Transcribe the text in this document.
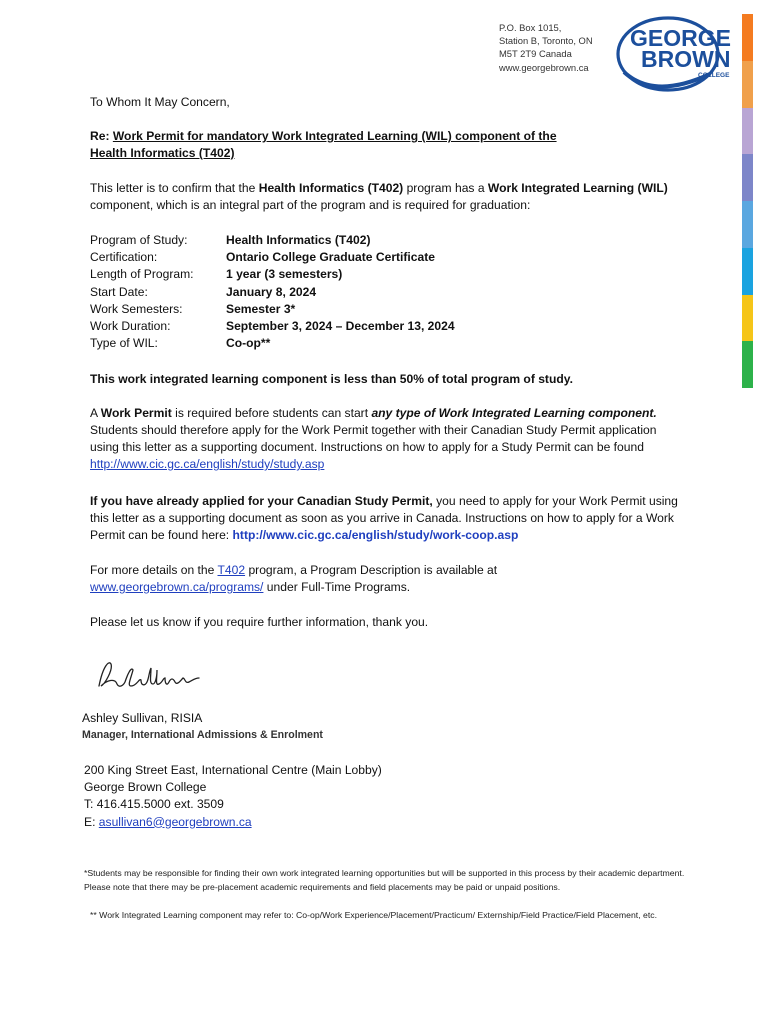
P.O. Box 1015,
Station B, Toronto, ON
M5T 2T9 Canada
www.georgebrown.ca
GEORGE
BROWN
COLLEGE
To Whom It May Concern,
Re: Work Permit for mandatory Work Integrated Learning (WIL) component of the
Health Informatics (T402)
This letter is to confirm that the Health Informatics (T402) program has a Work Integrated Learning (WIL) component, which is an integral part of the program and is required for graduation:
Program of Study:	Health Informatics (T402)
Certification:	Ontario College Graduate Certificate
Length of Program:	1 year (3 semesters)
Start Date:	January 8, 2024
Work Semesters:	Semester 3*
Work Duration:	September 3, 2024 – December 13, 2024
Type of WIL:	Co-op**
This work integrated learning component is less than 50% of total program of study.
A Work Permit is required before students can start any type of Work Integrated Learning component. Students should therefore apply for the Work Permit together with their Canadian Study Permit application using this letter as a supporting document. Instructions on how to apply for a Study Permit can be found http://www.cic.gc.ca/english/study/study.asp
If you have already applied for your Canadian Study Permit, you need to apply for your Work Permit using this letter as a supporting document as soon as you arrive in Canada. Instructions on how to apply for a Work Permit can be found here: http://www.cic.gc.ca/english/study/work-coop.asp
For more details on the T402 program, a Program Description is available at
www.georgebrown.ca/programs/ under Full-Time Programs.
Please let us know if you require further information, thank you.
Ashley Sullivan, RISIA
Manager, International Admissions & Enrolment
200 King Street East, International Centre (Main Lobby)
George Brown College
T: 416.415.5000 ext. 3509
E: asullivan6@georgebrown.ca
*Students may be responsible for finding their own work integrated learning opportunities but will be supported in this process by their academic department. Please note that there may be pre-placement academic requirements and field placements may be paid or unpaid positions.
** Work Integrated Learning component may refer to: Co-op/Work Experience/Placement/Practicum/ Externship/Field Practice/Field Placement, etc.
